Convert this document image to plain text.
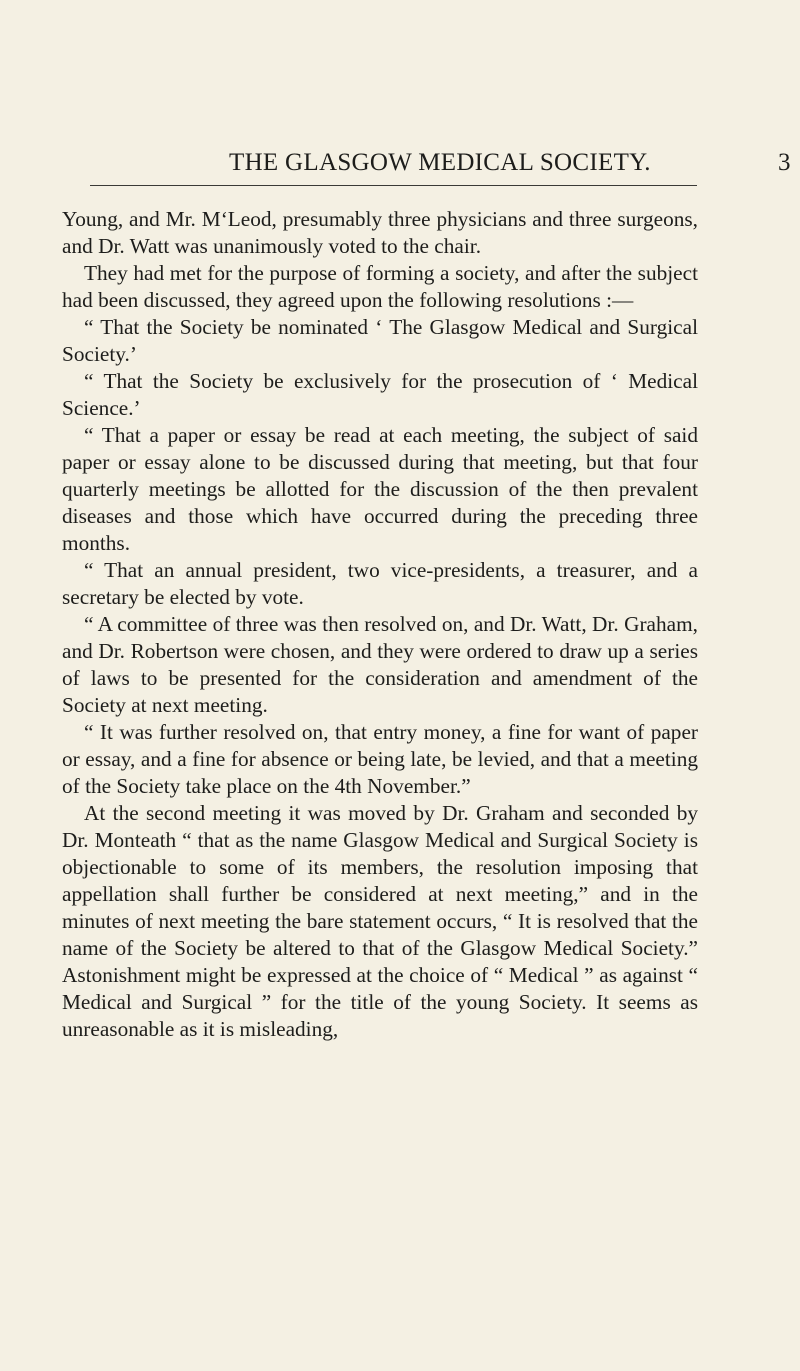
THE GLASGOW MEDICAL SOCIETY.	3

Young, and Mr. M‘Leod, presumably three physicians and three surgeons, and Dr. Watt was unanimously voted to the chair.

They had met for the purpose of forming a society, and after the subject had been discussed, they agreed upon the following resolutions :—

“ That the Society be nominated ‘ The Glasgow Medical and Surgical Society.’

“ That the Society be exclusively for the prosecution of ‘ Medical Science.’

“ That a paper or essay be read at each meeting, the subject of said paper or essay alone to be discussed during that meeting, but that four quarterly meetings be allotted for the discussion of the then prevalent diseases and those which have occurred during the preceding three months.

“ That an annual president, two vice-presidents, a treasurer, and a secretary be elected by vote.

“ A committee of three was then resolved on, and Dr. Watt, Dr. Graham, and Dr. Robertson were chosen, and they were ordered to draw up a series of laws to be presented for the consideration and amendment of the Society at next meeting.

“ It was further resolved on, that entry money, a fine for want of paper or essay, and a fine for absence or being late, be levied, and that a meeting of the Society take place on the 4th November.”

At the second meeting it was moved by Dr. Graham and seconded by Dr. Monteath “ that as the name Glasgow Medical and Surgical Society is objectionable to some of its members, the resolution imposing that appellation shall further be considered at next meeting,” and in the minutes of next meeting the bare statement occurs, “ It is resolved that the name of the Society be altered to that of the Glasgow Medical Society.” Astonishment might be expressed at the choice of “ Medical ” as against “ Medical and Surgical ” for the title of the young Society. It seems as unreasonable as it is misleading,
